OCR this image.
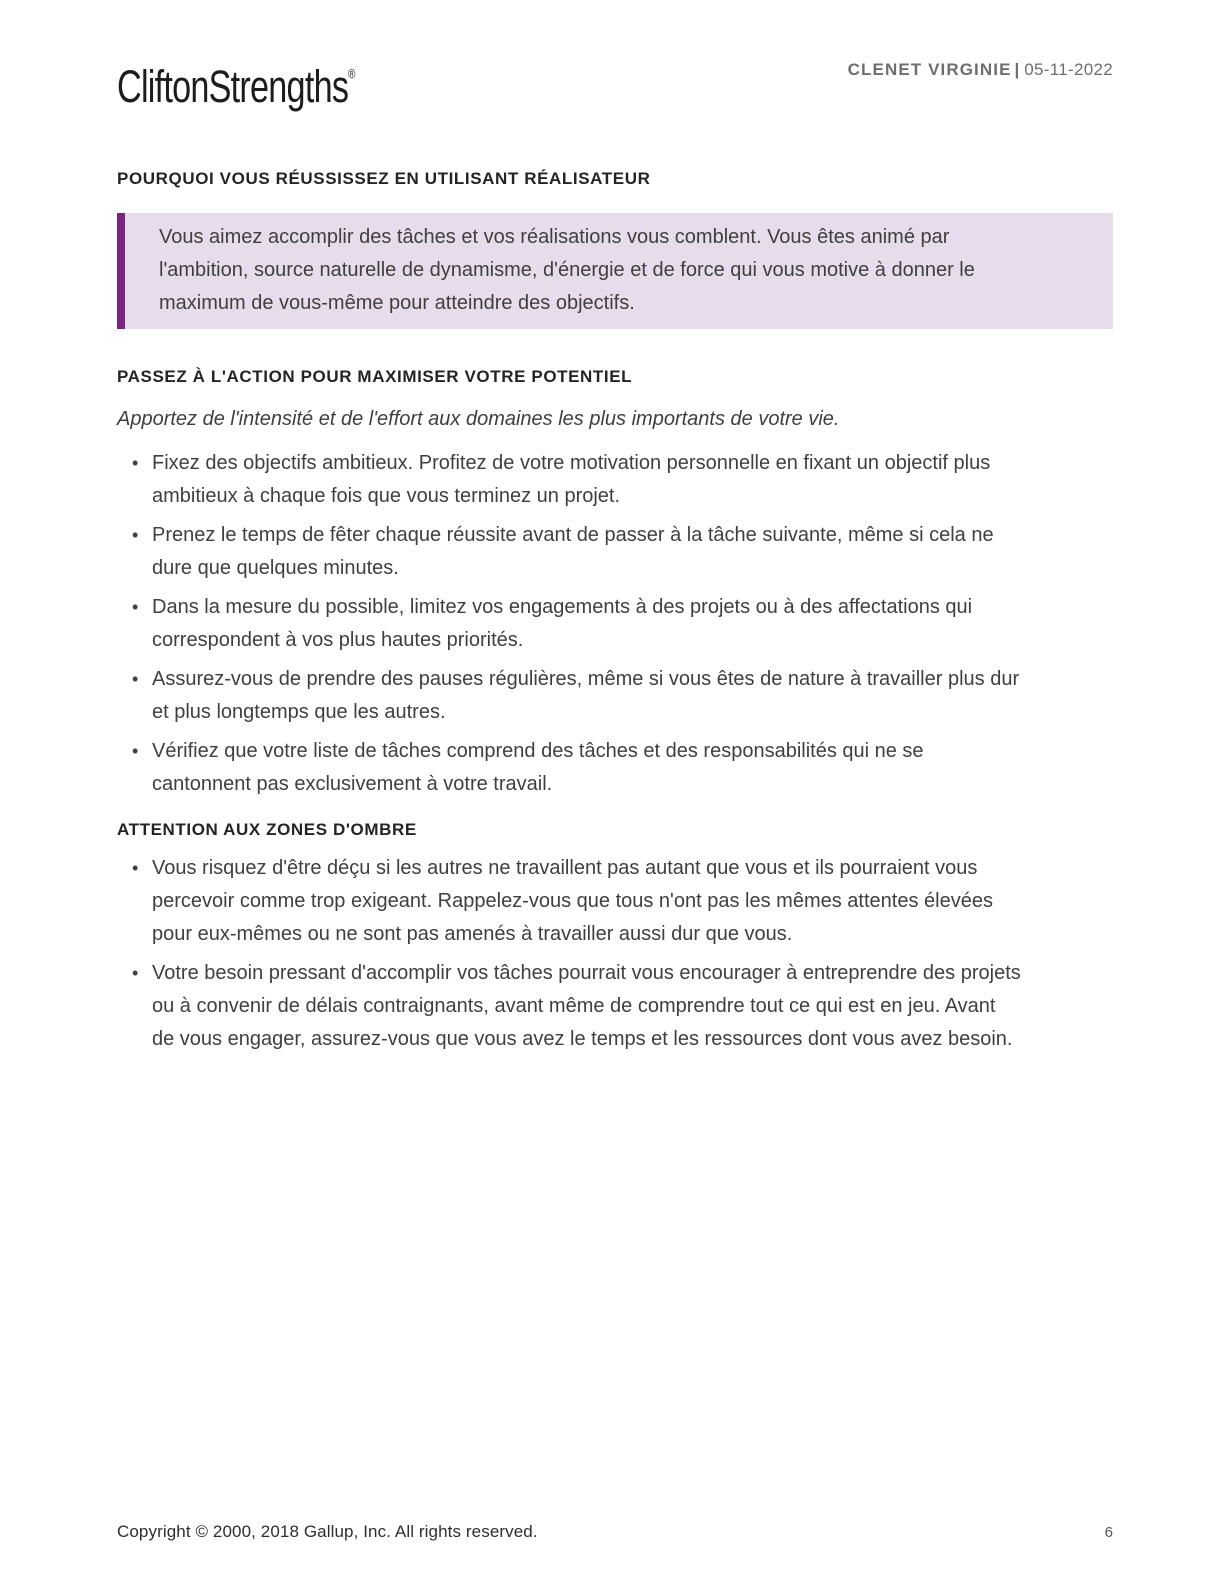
CliftonStrengths®	CLENET VIRGINIE | 05-11-2022
POURQUOI VOUS RÉUSSISSEZ EN UTILISANT RÉALISATEUR

Vous aimez accomplir des tâches et vos réalisations vous comblent. Vous êtes animé par l'ambition, source naturelle de dynamisme, d'énergie et de force qui vous motive à donner le maximum de vous-même pour atteindre des objectifs.

PASSEZ À L'ACTION POUR MAXIMISER VOTRE POTENTIEL

Apportez de l'intensité et de l'effort aux domaines les plus importants de votre vie.

• Fixez des objectifs ambitieux. Profitez de votre motivation personnelle en fixant un objectif plus ambitieux à chaque fois que vous terminez un projet.
• Prenez le temps de fêter chaque réussite avant de passer à la tâche suivante, même si cela ne dure que quelques minutes.
• Dans la mesure du possible, limitez vos engagements à des projets ou à des affectations qui correspondent à vos plus hautes priorités.
• Assurez-vous de prendre des pauses régulières, même si vous êtes de nature à travailler plus dur et plus longtemps que les autres.
• Vérifiez que votre liste de tâches comprend des tâches et des responsabilités qui ne se cantonnent pas exclusivement à votre travail.
ATTENTION AUX ZONES D'OMBRE
• Vous risquez d'être déçu si les autres ne travaillent pas autant que vous et ils pourraient vous percevoir comme trop exigeant. Rappelez-vous que tous n'ont pas les mêmes attentes élevées pour eux-mêmes ou ne sont pas amenés à travailler aussi dur que vous.
• Votre besoin pressant d'accomplir vos tâches pourrait vous encourager à entreprendre des projets ou à convenir de délais contraignants, avant même de comprendre tout ce qui est en jeu. Avant de vous engager, assurez-vous que vous avez le temps et les ressources dont vous avez besoin.
Copyright © 2000, 2018 Gallup, Inc. All rights reserved.	6
